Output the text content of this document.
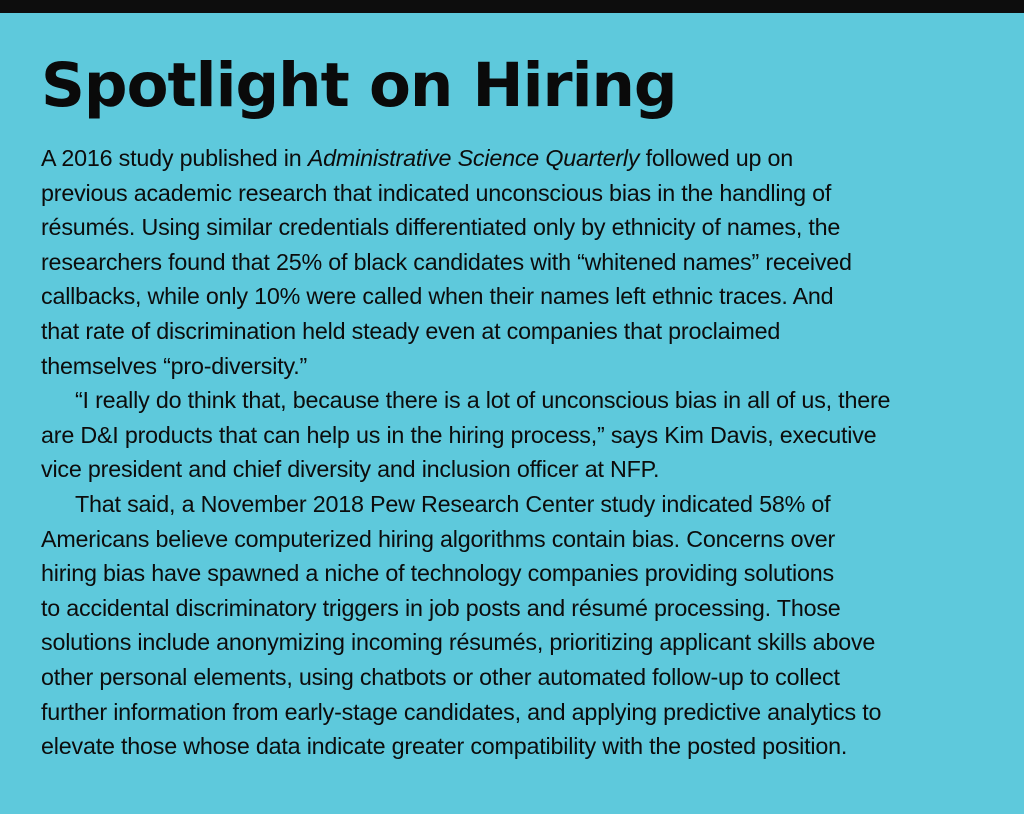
Spotlight on Hiring
A 2016 study published in Administrative Science Quarterly followed up on
previous academic research that indicated unconscious bias in the handling of
résumés. Using similar credentials differentiated only by ethnicity of names, the
researchers found that 25% of black candidates with “whitened names” received
callbacks, while only 10% were called when their names left ethnic traces. And
that rate of discrimination held steady even at companies that proclaimed
themselves “pro-diversity.”
“I really do think that, because there is a lot of unconscious bias in all of us, there
are D&I products that can help us in the hiring process,” says Kim Davis, executive
vice president and chief diversity and inclusion officer at NFP.
That said, a November 2018 Pew Research Center study indicated 58% of
Americans believe computerized hiring algorithms contain bias. Concerns over
hiring bias have spawned a niche of technology companies providing solutions
to accidental discriminatory triggers in job posts and résumé processing. Those
solutions include anonymizing incoming résumés, prioritizing applicant skills above
other personal elements, using chatbots or other automated follow-up to collect
further information from early-stage candidates, and applying predictive analytics to
elevate those whose data indicate greater compatibility with the posted position.
